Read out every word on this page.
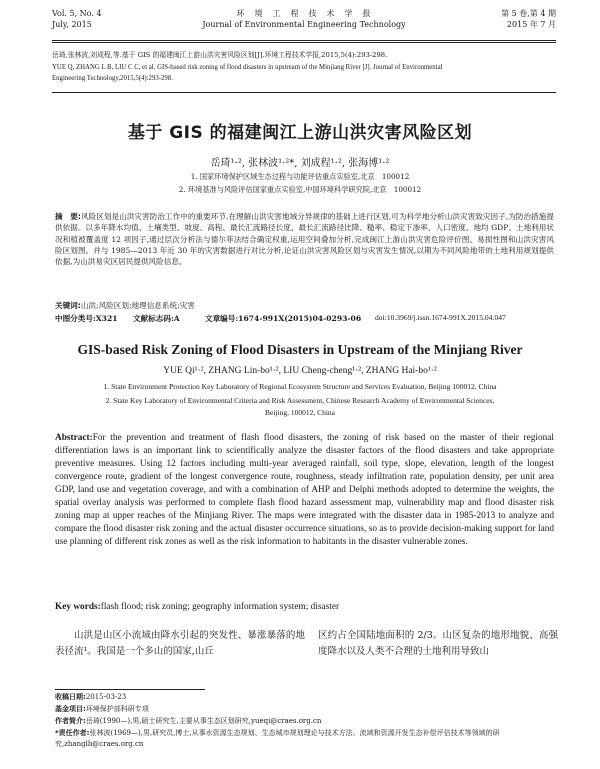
Vol. 5, No. 4
July, 2015
环　境　工　程　技　术　学　报
Journal of Environmental Engineering Technology
第 5 卷,第 4 期
2015 年 7 月
岳琦,张林波,刘成程,等.基于 GIS 的福建闽江上游山洪灾害风险区划[J].环境工程技术学报,2015,5(4):293-298.
YUE Q, ZHANG L B, LIU C C, et al. GIS-based risk zoning of flood disasters in upstream of the Minjiang River [J]. Journal of Environmental
Engineering Technology,2015,5(4):293-298.
基于 GIS 的福建闽江上游山洪灾害风险区划
岳琦¹·², 张林波¹·²*, 刘成程¹·², 张海博¹·²
1. 国家环境保护区域生态过程与功能评估重点实验室,北京　100012
2. 环境基准与风险评估国家重点实验室,中国环境科学研究院,北京　100012
摘　要:风险区划是山洪灾害防治工作中的重要环节,在理解山洪灾害地域分异规律的基础上进行区划,可为科学地分析山洪灾害致灾因子,为防治措施提供依据。以多年降水均值、土壤类型、坡度、高程、最长汇流路径长度、最长汇流路径比降、糙率、稳定下渗率、人口密度、地均 GDP、土地利用状况和植被覆盖度 12 项因子,通过层次分析法与德尔菲法结合确定权重,运用空间叠加分析,完成闽江上游山洪灾害危险评价图、易损性图和山洪灾害风险区划图。并与 1985—2013 年近 30 年的灾害数据进行对比分析,论证山洪灾害风险区划与灾害发生情况,以期为不同风险地带的土地利用规划提供依据,为山洪易灾区居民提供风险信息。
关键词:山洪;风险区划;地理信息系统;灾害
中图分类号:X321 文献标志码:A	文章编号:1674-991X(2015)04-0293-06 doi:10.3969/j.issn.1674-991X.2015.04.047
GIS-based Risk Zoning of Flood Disasters in Upstream of the Minjiang River
YUE Qi¹·², ZHANG Lin-bo¹·², LIU Cheng-cheng¹·², ZHANG Hai-bo¹·²
1. State Environment Protection Key Laboratory of Regional Ecosystem Structure and Services Evaluation, Beijing 100012, China
2. State Key Laboratory of Environmental Criteria and Risk Assessment, Chinese Research Academy of Environmental Sciences,
Beijing, 100012, China
Abstract:For the prevention and treatment of flash flood disasters, the zoning of risk based on the master of their regional differentiation laws is an important link to scientifically analyze the disaster factors of the flood disasters and take appropriate preventive measures. Using 12 factors including multi-year averaged rainfall, soil type, slope, elevation, length of the longest convergence route, gradient of the longest convergence route, roughness, steady infiltration rate, population density, per unit area GDP, land use and vegetation coverage, and with a combination of AHP and Delphi methods adopted to determine the weights, the spatial overlay analysis was performed to complete flash flood hazard assessment map, vulnerability map and flood disaster risk zoning map at upper reaches of the Minjiang River. The maps were integrated with the disaster data in 1985-2013 to analyze and compare the flood disaster risk zoning and the actual disaster occurrence situations, so as to provide decision-making support for land use planning of different risk zones as well as the risk information to habitants in the disaster vulnerable zones.
Key words:flash flood; risk zoning; geography information system; disaster
山洪是山区小流域由降水引起的突发性、暴涨暴落的地表径流¹。我国是一个多山的国家,山丘
区约占全国陆地面积的 2/3。山区复杂的地形地貌、高强度降水以及人类不合理的土地利用导致山
收稿日期:2015-03-23
基金项目:环境保护部科研专项
作者简介:岳琦(1990—),男,硕士研究生,主要从事生态区划研究,yueqi@craes.org.cn
*责任作者:张林波(1969—),男,研究员,博士,从事水资源生态规划、生态城市规划理论与技术方法、流域和资源开发生态补偿评估技术等领域的研究,zhanglb@craes.org.cn
